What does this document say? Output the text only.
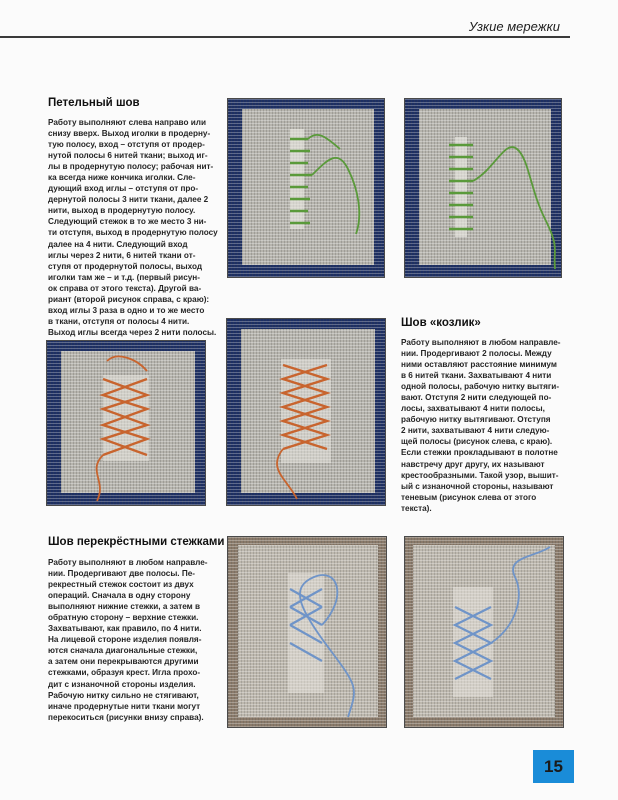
Узкие мережки
Петельный шов
Работу выполняют слева направо или
снизу вверх. Выход иголки в продерну-
тую полосу, вход – отступя от продер-
нутой полосы 6 нитей ткани; выход иг-
лы в продернутую полосу; рабочая нит-
ка всегда ниже кончика иголки. Сле-
дующий вход иглы – отступя от про-
дернутой полосы 3 нити ткани, далее 2
нити, выход в продернутую полосу.
Следующий стежок в то же место 3 ни-
ти отступя, выход в продернутую полосу
далее на 4 нити. Следующий вход
иглы через 2 нити, 6 нитей ткани от-
ступя от продернутой полосы, выход
иголки там же – и т.д. (первый рисун-
ок справа от этого текста). Другой ва-
риант (второй рисунок справа, с краю):
вход иглы 3 раза в одно и то же место
в ткани, отступя от полосы 4 нити.
Выход иглы всегда через 2 нити полосы.
Шов «козлик»
Работу выполняют в любом направле-
нии. Продергивают 2 полосы. Между
ними оставляют расстояние минимум
в 6 нитей ткани. Захватывают 4 нити
одной полосы, рабочую нитку вытяги-
вают. Отступя 2 нити следующей по-
лосы, захватывают 4 нити полосы,
рабочую нитку вытягивают. Отступя
2 нити, захватывают 4 нити следую-
щей полосы (рисунок слева, с краю).
Если стежки прокладывают в полотне
навстречу друг другу, их называют
крестообразными. Такой узор, вышит-
ый с изнаночной стороны, называют
теневым (рисунок слева от этого
текста).
Шов перекрёстными стежками
Работу выполняют в любом направле-
нии. Продергивают две полосы. Пе-
рекрестный стежок состоит из двух
операций. Сначала в одну сторону
выполняют нижние стежки, а затем в
обратную сторону – верхние стежки.
Захватывают, как правило, по 4 нити.
На лицевой стороне изделия появля-
ются сначала диагональные стежки,
а затем они перекрываются другими
стежками, образуя крест. Игла прохо-
дит с изнаночной стороны изделия.
Рабочую нитку сильно не стягивают,
иначе продернутые нити ткани могут
перекоситься (рисунки внизу справа).
15
